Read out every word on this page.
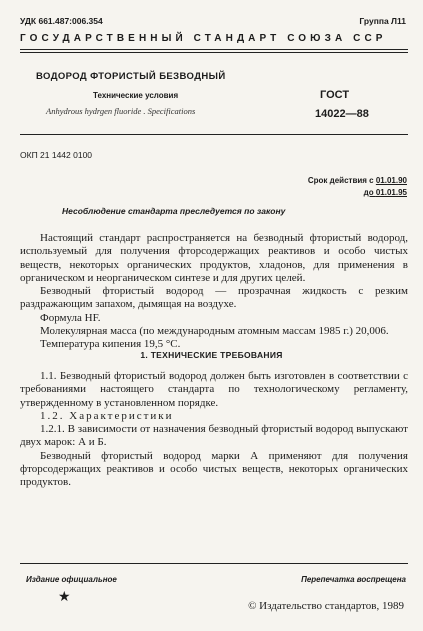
УДК 661.487:006.354	Группа Л11
ГОСУДАРСТВЕННЫЙ СТАНДАРТ СОЮЗА ССР
ВОДОРОД ФТОРИСТЫЙ БЕЗВОДНЫЙ
Технические условия
Anhydrous hydrgen fluoride . Specifications
ГОСТ
14022—88
ОКП 21 1442 0100
Срок действия с 01.01.90
до 01.01.95
Несоблюдение стандарта преследуется по закону

Настоящий стандарт распространяется на безводный фтористый водород, используемый для получения фторсодержащих реактивов и особо чистых веществ, некоторых органических продуктов, хладонов, для применения в органическом и неорганическом синтезе и для других целей.

Безводный фтористый водород — прозрачная жидкость с резким раздражающим запахом, дымящая на воздухе.

Формула HF.

Молекулярная масса (по международным атомным массам 1985 г.) 20,006.

Температура кипения 19,5 °С.

1. ТЕХНИЧЕСКИЕ ТРЕБОВАНИЯ

1.1. Безводный фтористый водород должен быть изготовлен в соответствии с требованиями настоящего стандарта по технологическому регламенту, утвержденному в установленном порядке.

1.2. Характеристики

1.2.1. В зависимости от назначения безводный фтористый водород выпускают двух марок: А и Б.

Безводный фтористый водород марки А применяют для получения фторсодержащих реактивов и особо чистых веществ, некоторых органических продуктов.

Издание официальное	Перепечатка воспрещена
★
© Издательство стандартов, 1989
